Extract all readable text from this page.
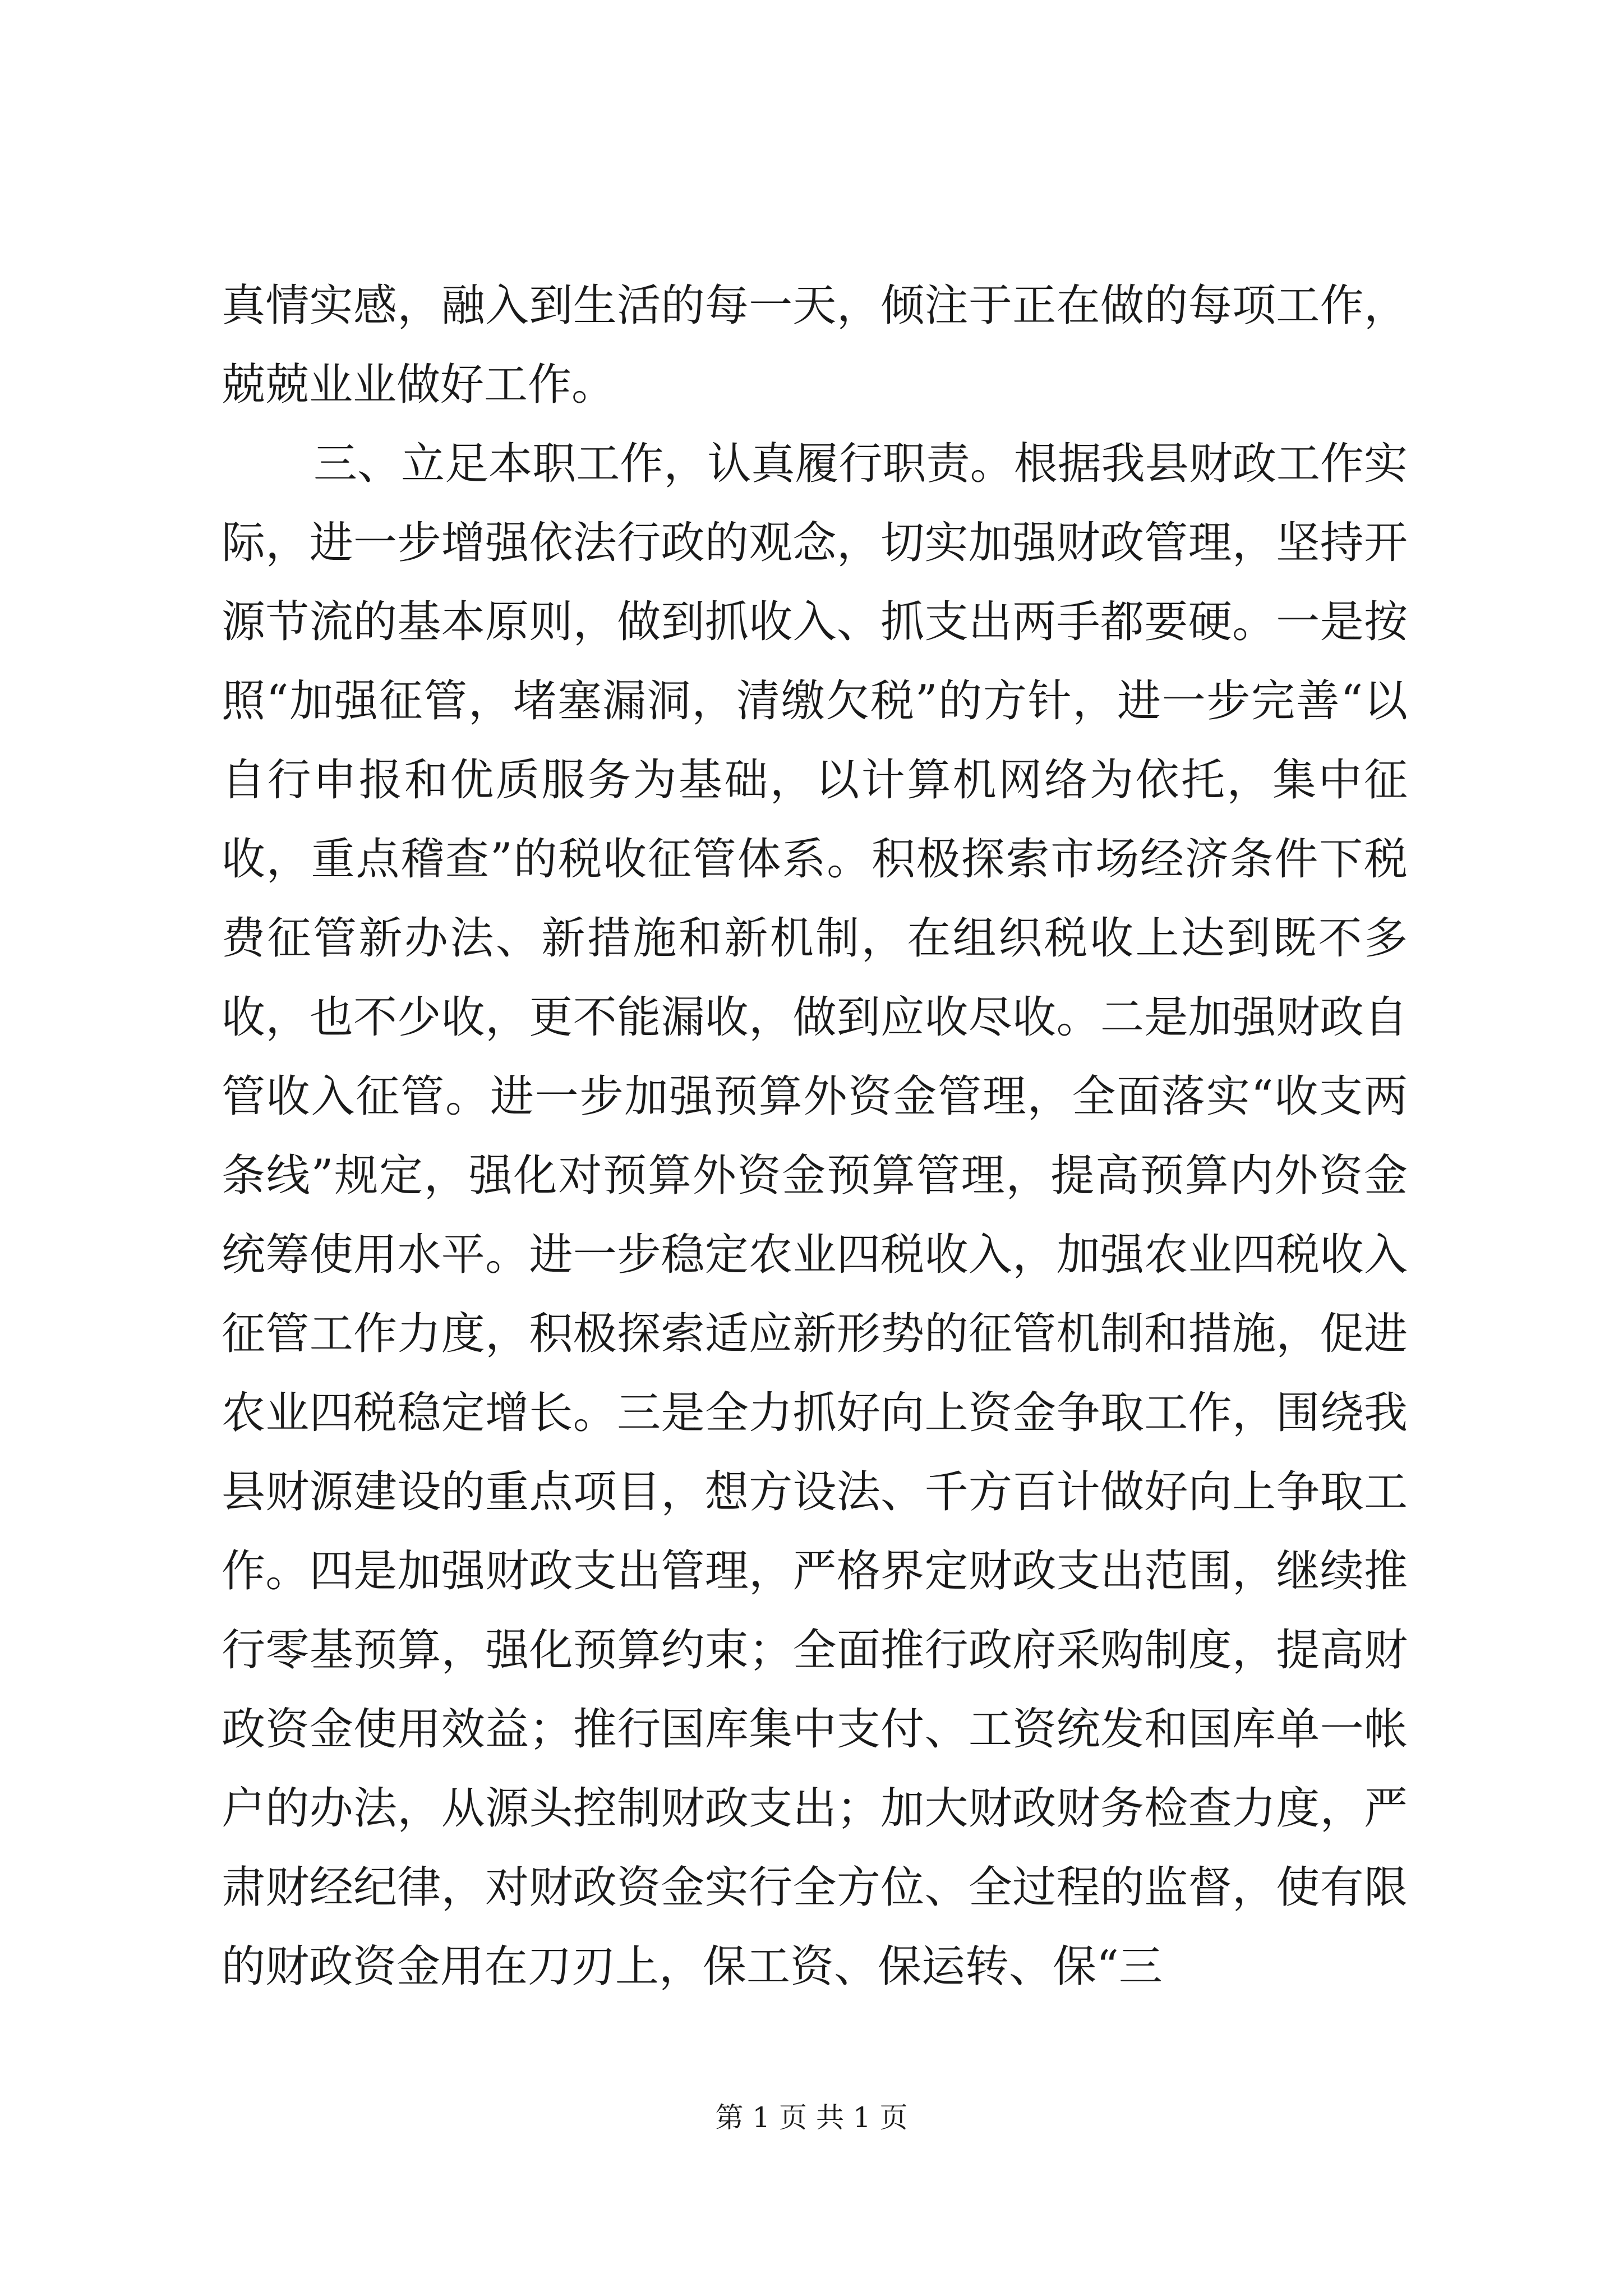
真情实感，融入到生活的每一天，倾注于正在做的每项工作，兢兢业业做好工作。

三、立足本职工作，认真履行职责。根据我县财政工作实际，进一步增强依法行政的观念，切实加强财政管理，坚持开源节流的基本原则，做到抓收入、抓支出两手都要硬。一是按照“加强征管，堵塞漏洞，清缴欠税”的方针，进一步完善“以自行申报和优质服务为基础，以计算机网络为依托，集中征收，重点稽查”的税收征管体系。积极探索市场经济条件下税费征管新办法、新措施和新机制，在组织税收上达到既不多收，也不少收，更不能漏收，做到应收尽收。二是加强财政自管收入征管。进一步加强预算外资金管理，全面落实“收支两条线”规定，强化对预算外资金预算管理，提高预算内外资金统筹使用水平。进一步稳定农业四税收入，加强农业四税收入征管工作力度，积极探索适应新形势的征管机制和措施，促进农业四税稳定增长。三是全力抓好向上资金争取工作，围绕我县财源建设的重点项目，想方设法、千方百计做好向上争取工作。四是加强财政支出管理，严格界定财政支出范围，继续推行零基预算，强化预算约束；全面推行政府采购制度，提高财政资金使用效益；推行国库集中支付、工资统发和国库单一帐户的办法，从源头控制财政支出；加大财政财务检查力度，严肃财经纪律，对财政资金实行全方位、全过程的监督，使有限的财政资金用在刀刃上，保工资、保运转、保“三

第 1 页 共 1 页
